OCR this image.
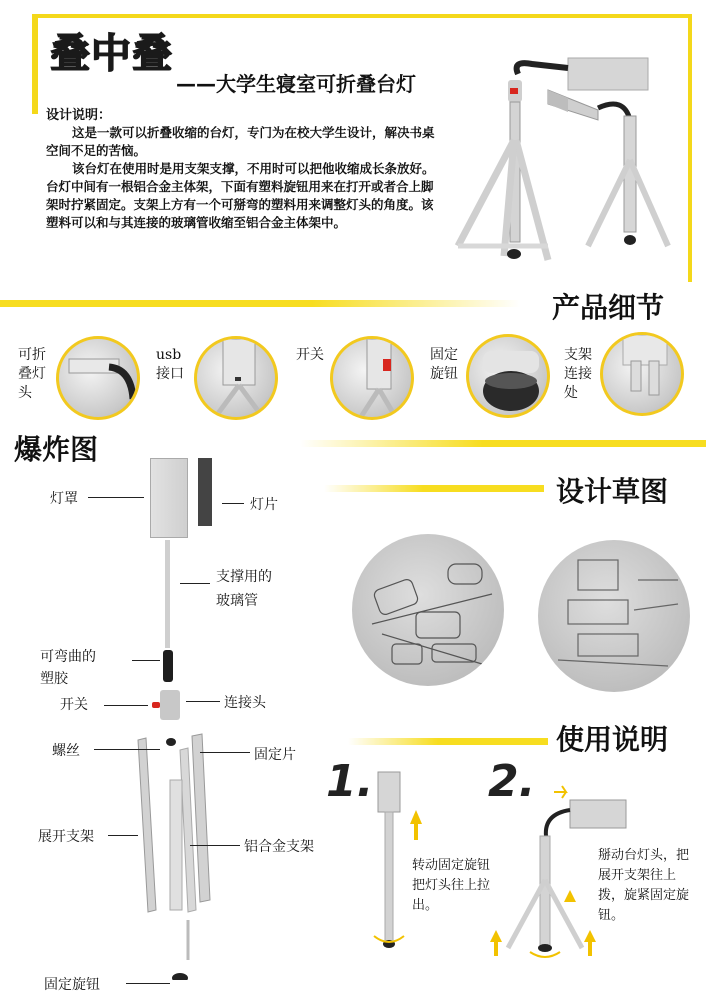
叠中叠
——大学生寝室可折叠台灯
设计说明：

这是一款可以折叠收缩的台灯，专门为在校大学生设计，解决书桌空间不足的苦恼。

该台灯在使用时是用支架支撑，不用时可以把他收缩成长条放好。台灯中间有一根铝合金主体架，下面有塑料旋钮用来在打开或者合上脚架时拧紧固定。支架上方有一个可掰弯的塑料用来调整灯头的角度。该塑料可以和与其连接的玻璃管收缩至铝合金主体架中。

产品细节
可折叠灯头
usb接口
开关	固定旋钮
支架连接处
爆炸图
灯罩	灯片
支撑用的
玻璃管
可弯曲的
塑胶
开关	连接头
螺丝	固定片
展开支架
铝合金支架
固定旋钮
设计草图
使用说明
1.
转动固定旋钮把灯头往上拉出。
2.
掰动台灯头，把展开支架往上拨，旋紧固定旋钮。
